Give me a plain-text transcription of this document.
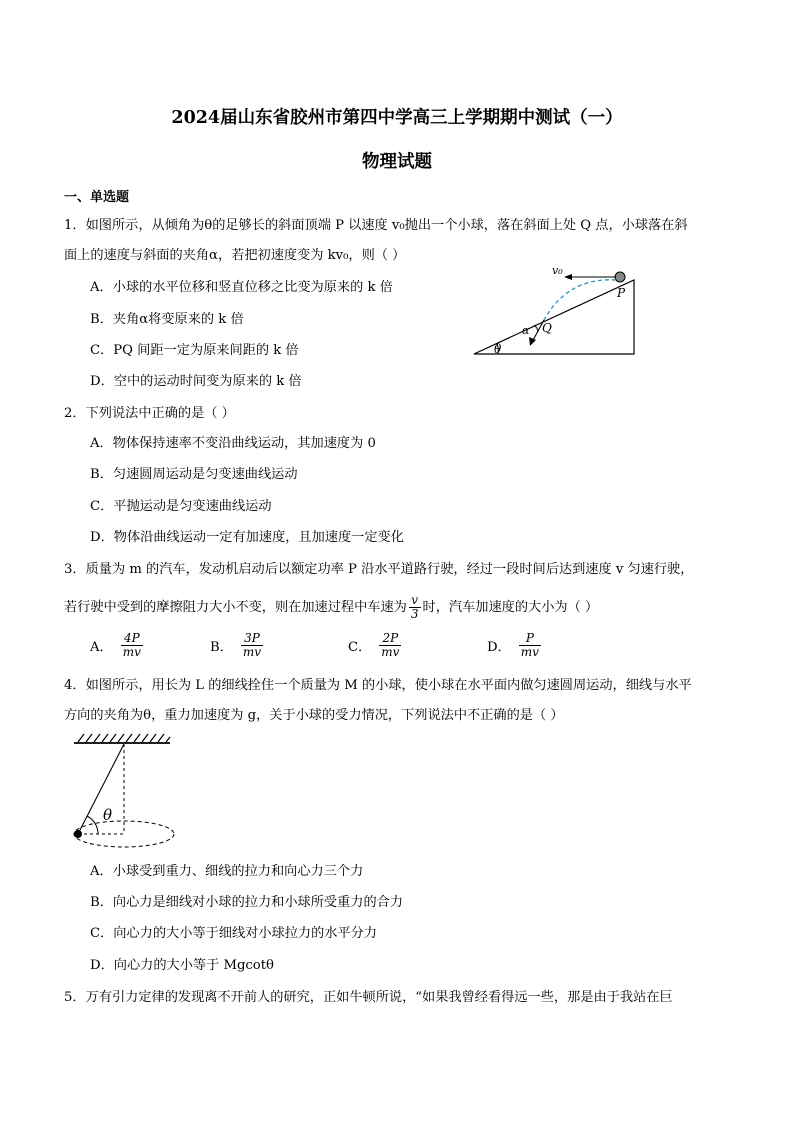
2024届山东省胶州市第四中学高三上学期期中测试（一）
物理试题
一、单选题
1．如图所示，从倾角为θ的足够长的斜面顶端 P 以速度 v₀抛出一个小球，落在斜面上处 Q 点，小球落在斜
面上的速度与斜面的夹角α，若把初速度变为 kv₀，则（ ）
A．小球的水平位移和竖直位移之比变为原来的 k 倍
B．夹角α将变原来的 k 倍
C．PQ 间距一定为原来间距的 k 倍
D．空中的运动时间变为原来的 k 倍
v₀
P
Q
α
θ
2．下列说法中正确的是（ ）
A．物体保持速率不变沿曲线运动，其加速度为 0
B．匀速圆周运动是匀变速曲线运动
C．平抛运动是匀变速曲线运动
D．物体沿曲线运动一定有加速度，且加速度一定变化
3．质量为 m 的汽车，发动机启动后以额定功率 P 沿水平道路行驶，经过一段时间后达到速度 v 匀速行驶，
若行驶中受到的摩擦阻力大小不变，则在加速过程中车速为 $\frac{v}{3}$ 时，汽车加速度的大小为（ ）
A． $\frac{4P}{mv}$	B． $\frac{3P}{mv}$	C． $\frac{2P}{mv}$	D． $\frac{P}{mv}$
4．如图所示，用长为 L 的细线拴住一个质量为 M 的小球，使小球在水平面内做匀速圆周运动，细线与水平
方向的夹角为θ，重力加速度为 g，关于小球的受力情况，下列说法中不正确的是（ ）
θ
A．小球受到重力、细线的拉力和向心力三个力
B．向心力是细线对小球的拉力和小球所受重力的合力
C．向心力的大小等于细线对小球拉力的水平分力
D．向心力的大小等于 Mgcotθ
5．万有引力定律的发现离不开前人的研究，正如牛顿所说，“如果我曾经看得远一些，那是由于我站在巨
